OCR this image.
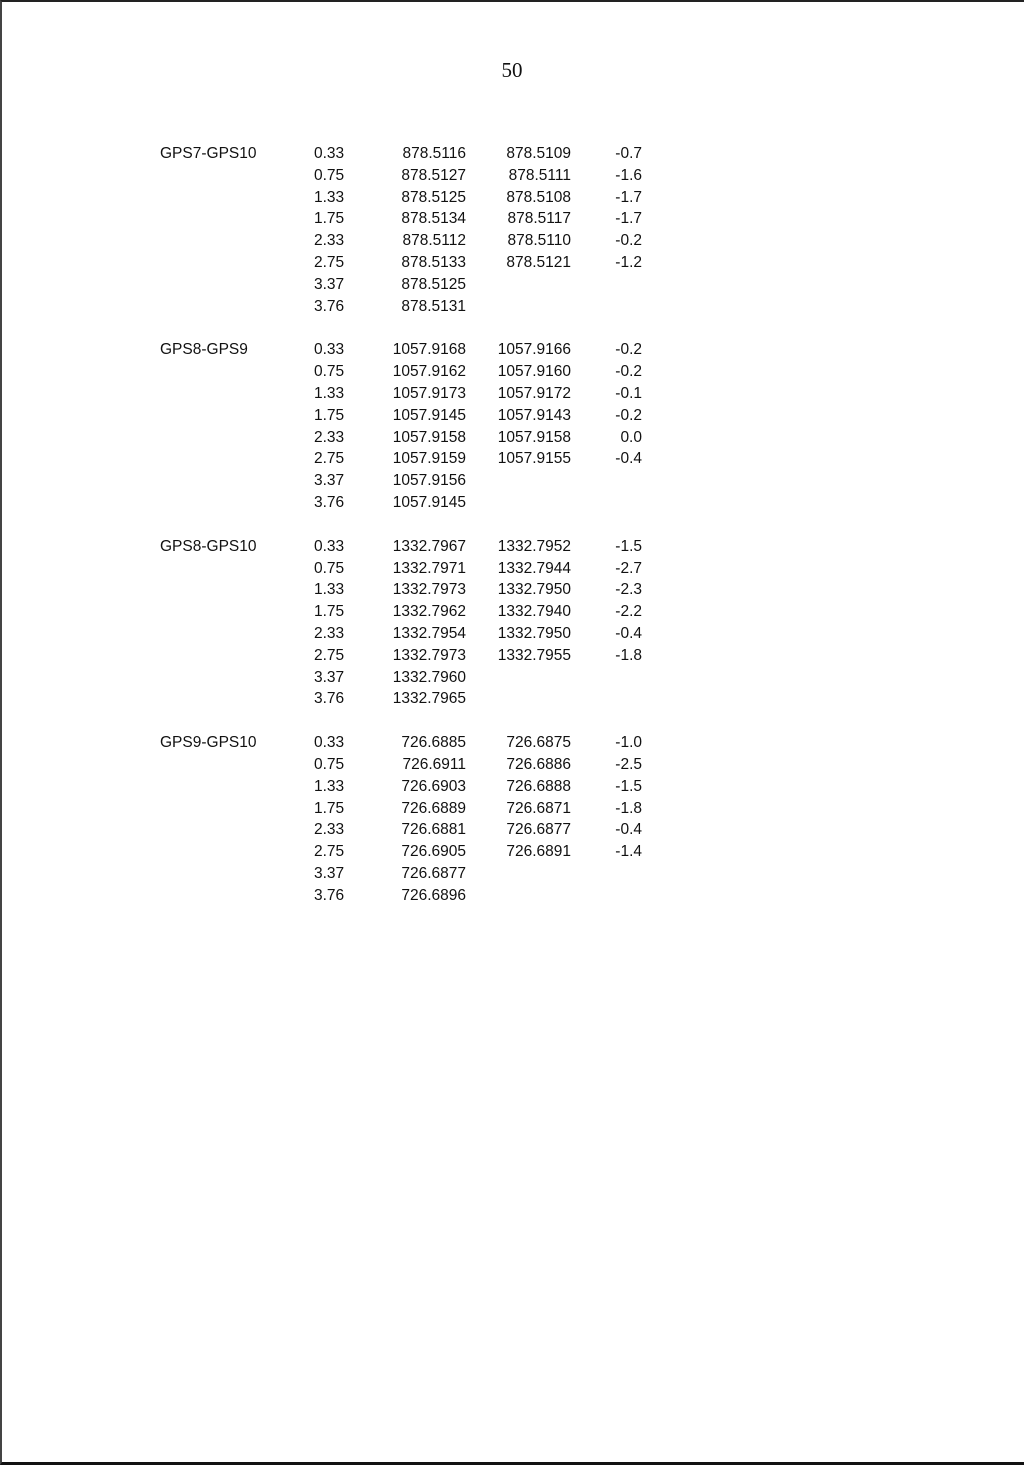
50
GPS7-GPS10	0.33	878.5116	878.5109	-0.7
0.75	878.5127	878.5111	-1.6
1.33	878.5125	878.5108	-1.7
1.75	878.5134	878.5117	-1.7
2.33	878.5112	878.5110	-0.2
2.75	878.5133	878.5121	-1.2
3.37	878.5125
3.76	878.5131
GPS8-GPS9	0.33	1057.9168	1057.9166	-0.2
0.75	1057.9162	1057.9160	-0.2
1.33	1057.9173	1057.9172	-0.1
1.75	1057.9145	1057.9143	-0.2
2.33	1057.9158	1057.9158	0.0
2.75	1057.9159	1057.9155	-0.4
3.37	1057.9156
3.76	1057.9145
GPS8-GPS10	0.33	1332.7967	1332.7952	-1.5
0.75	1332.7971	1332.7944	-2.7
1.33	1332.7973	1332.7950	-2.3
1.75	1332.7962	1332.7940	-2.2
2.33	1332.7954	1332.7950	-0.4
2.75	1332.7973	1332.7955	-1.8
3.37	1332.7960
3.76	1332.7965
GPS9-GPS10	0.33	726.6885	726.6875	-1.0
0.75	726.6911	726.6886	-2.5
1.33	726.6903	726.6888	-1.5
1.75	726.6889	726.6871	-1.8
2.33	726.6881	726.6877	-0.4
2.75	726.6905	726.6891	-1.4
3.37	726.6877
3.76	726.6896
